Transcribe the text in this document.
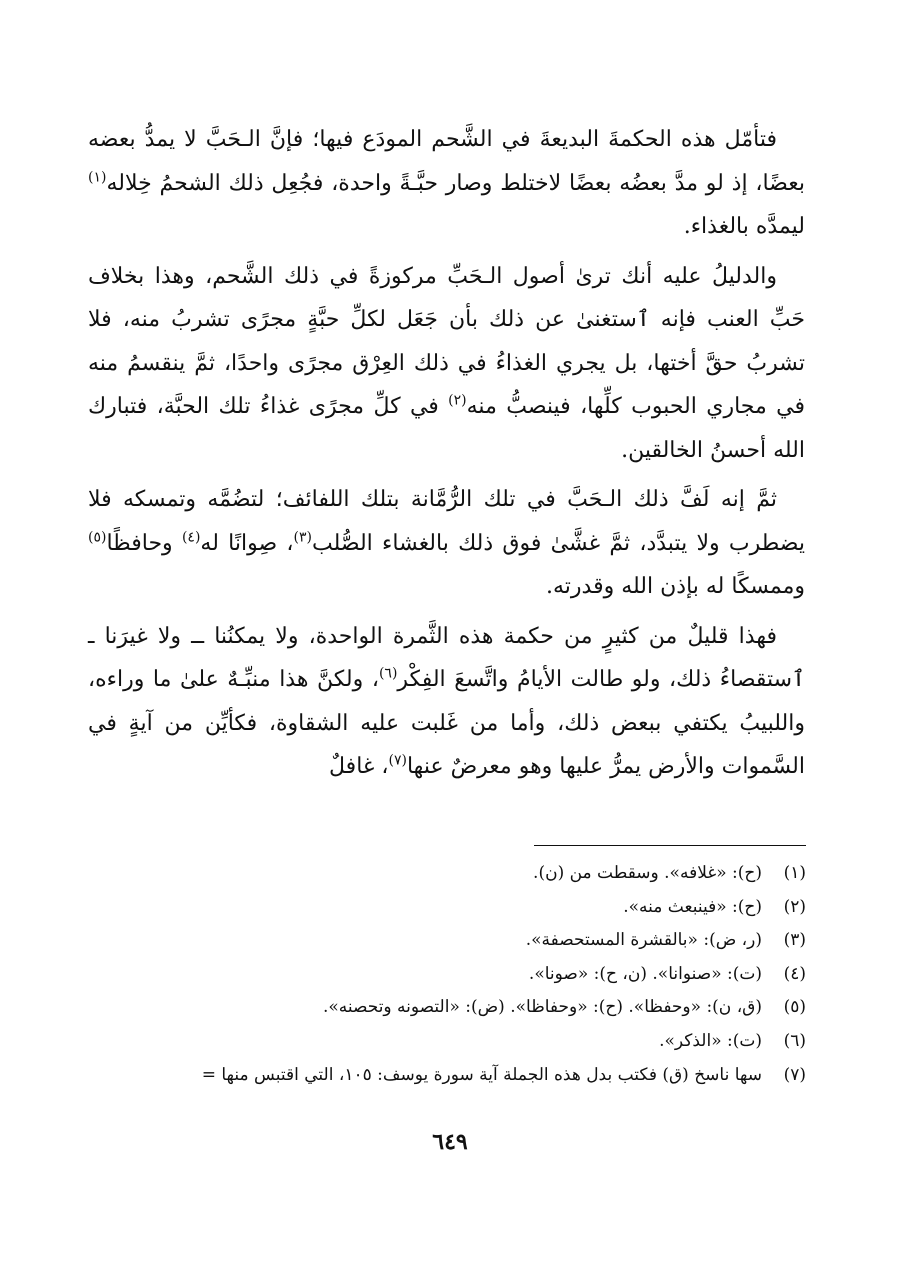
فتأمّل هذه الحكمةَ البديعةَ في الشَّحم المودَع فيها؛ فإنَّ الـحَبَّ لا يمدُّ بعضه بعضًا، إذ لو مدَّ بعضُه بعضًا لاختلط وصار حبَّـةً واحدة، فجُعِل ذلك الشحمُ خِلاله$^{(١)}$ ليمدَّه بالغذاء.

والدليلُ عليه أنك ترىٰ أصول الـحَبِّ مركوزةً في ذلك الشَّحم، وهذا بخلاف حَبِّ العنب فإنه ٱستغنىٰ عن ذلك بأن جَعَل لكلِّ حبَّةٍ مجرًى تشربُ منه، فلا تشربُ حقَّ أختها، بل يجري الغذاءُ في ذلك العِرْق مجرًى واحدًا، ثمَّ ينقسمُ منه في مجاري الحبوب كلِّها، فينصبُّ منه$^{(٢)}$ في كلِّ مجرًى غذاءُ تلك الحبَّة، فتبارك الله أحسنُ الخالقين.

ثمَّ إنه لَفَّ ذلك الـحَبَّ في تلك الرُّمَّانة بتلك اللفائف؛ لتضُمَّه وتمسكه فلا يضطرب ولا يتبدَّد، ثمَّ غشَّىٰ فوق ذلك بالغشاء الصُّلب$^{(٣)}$، صِوانًا له$^{(٤)}$ وحافظًا$^{(٥)}$ وممسكًا له بإذن الله وقدرته.

فهذا قليلٌ من كثيرٍ من حكمة هذه الثَّمرة الواحدة، ولا يمكنُنا ــ ولا غيرَنا ـ ٱستقصاءُ ذلك، ولو طالت الأيامُ واتَّسعَ الفِكْر$^{(٦)}$، ولكنَّ هذا منبِّـهٌ علىٰ ما وراءه، واللبيبُ يكتفي ببعض ذلك، وأما من غَلبت عليه الشقاوة، فكأيِّن من آيةٍ في السَّموات والأرض يمرُّ عليها وهو معرضٌ عنها$^{(٧)}$، غافلٌ

(١)
(ح): «غلافه». وسقطت من (ن).
(٢)
(ح): «فينبعث منه».
(٣)
(ر، ض): «بالقشرة المستحصفة».
(٤)
(ت): «صنوانا». (ن، ح): «صونا».
(٥)
(ق، ن): «وحفظا». (ح): «وحفاظا». (ض): «التصونه وتحصنه».
(٦)
(ت): «الذكر».
(٧)
سها ناسخ (ق) فكتب بدل هذه الجملة آية سورة يوسف: ١٠٥، التي اقتبس منها =
٦٤٩
